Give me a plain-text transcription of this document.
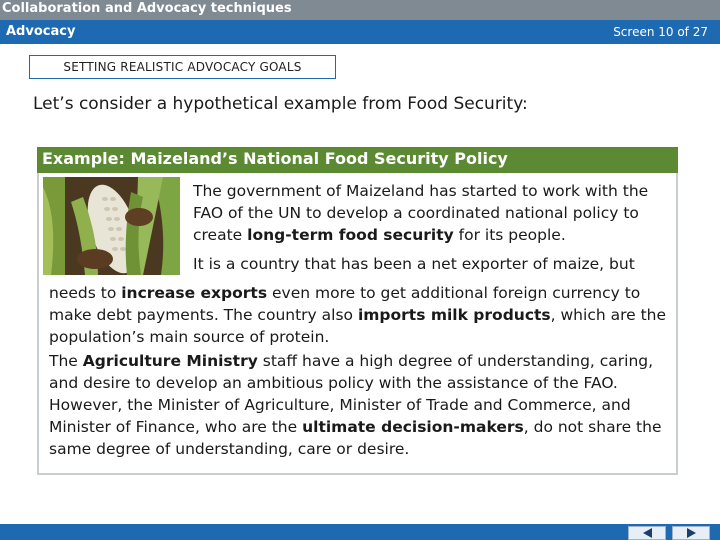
Collaboration and Advocacy techniques
Advocacy	Screen 10 of 27
SETTING REALISTIC ADVOCACY GOALS
Let’s consider a hypothetical example from Food Security:
Example: Maizeland’s National Food Security Policy
The government of Maizeland has started to work with the FAO of the UN to develop a coordinated national policy to create long-term food security for its people.
It is a country that has been a net exporter of maize, but
needs to increase exports even more to get additional foreign currency to make debt payments. The country also imports milk products, which are the population’s main source of protein.
The Agriculture Ministry staff have a high degree of understanding, caring, and desire to develop an ambitious policy with the assistance of the FAO. However, the Minister of Agriculture, Minister of Trade and Commerce, and Minister of Finance, who are the ultimate decision-makers, do not share the same degree of understanding, care or desire.
